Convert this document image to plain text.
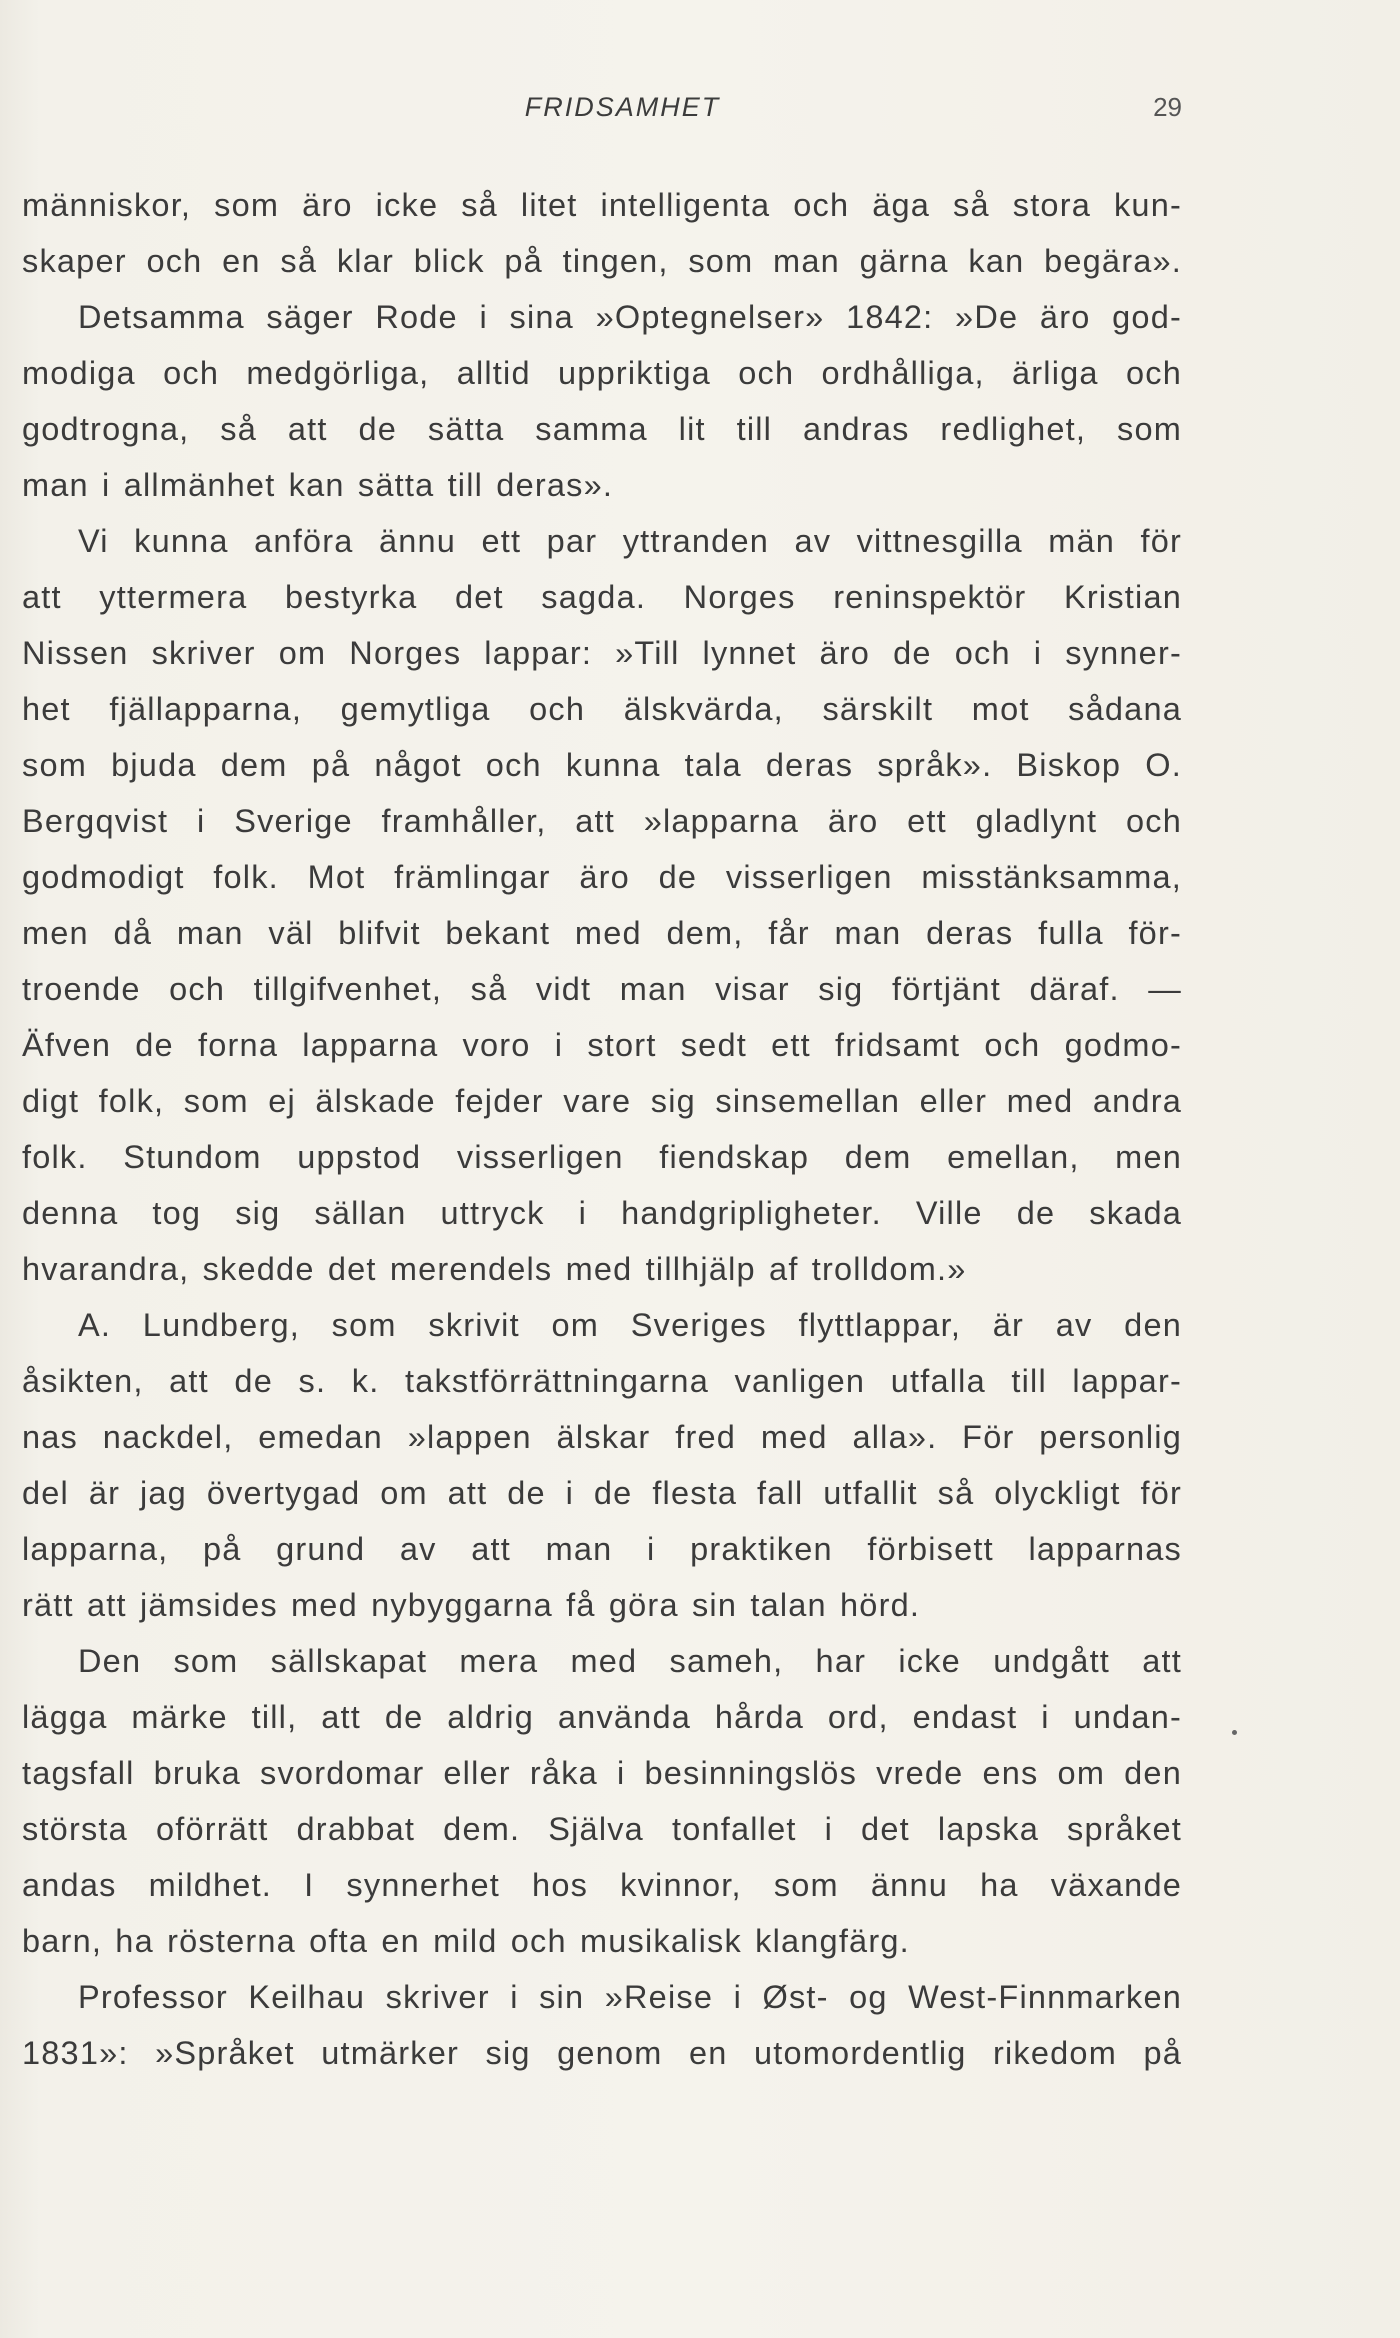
FRIDSAMHET	29
människor, som äro icke så litet intelligenta och äga så stora kun-
skaper och en så klar blick på tingen, som man gärna kan begära».
Detsamma säger Rode i sina »Optegnelser» 1842: »De äro god-
modiga och medgörliga, alltid uppriktiga och ordhålliga, ärliga och
godtrogna, så att de sätta samma lit till andras redlighet, som
man i allmänhet kan sätta till deras».
Vi kunna anföra ännu ett par yttranden av vittnesgilla män för
att yttermera bestyrka det sagda. Norges reninspektör Kristian
Nissen skriver om Norges lappar: »Till lynnet äro de och i synner-
het fjällapparna, gemytliga och älskvärda, särskilt mot sådana
som bjuda dem på något och kunna tala deras språk». Biskop O.
Bergqvist i Sverige framhåller, att »lapparna äro ett gladlynt och
godmodigt folk. Mot främlingar äro de visserligen misstänksamma,
men då man väl blifvit bekant med dem, får man deras fulla för-
troende och tillgifvenhet, så vidt man visar sig förtjänt däraf. —
Äfven de forna lapparna voro i stort sedt ett fridsamt och godmo-
digt folk, som ej älskade fejder vare sig sinsemellan eller med andra
folk. Stundom uppstod visserligen fiendskap dem emellan, men
denna tog sig sällan uttryck i handgripligheter. Ville de skada
hvarandra, skedde det merendels med tillhjälp af trolldom.»
A. Lundberg, som skrivit om Sveriges flyttlappar, är av den
åsikten, att de s. k. takstförrättningarna vanligen utfalla till lappar-
nas nackdel, emedan »lappen älskar fred med alla». För personlig
del är jag övertygad om att de i de flesta fall utfallit så olyckligt för
lapparna, på grund av att man i praktiken förbisett lapparnas
rätt att jämsides med nybyggarna få göra sin talan hörd.
Den som sällskapat mera med sameh, har icke undgått att
lägga märke till, att de aldrig använda hårda ord, endast i undan-
tagsfall bruka svordomar eller råka i besinningslös vrede ens om den
största oförrätt drabbat dem. Själva tonfallet i det lapska språket
andas mildhet. I synnerhet hos kvinnor, som ännu ha växande
barn, ha rösterna ofta en mild och musikalisk klangfärg.
Professor Keilhau skriver i sin »Reise i Øst- og West-Finnmarken
1831»: »Språket utmärker sig genom en utomordentlig rikedom på
